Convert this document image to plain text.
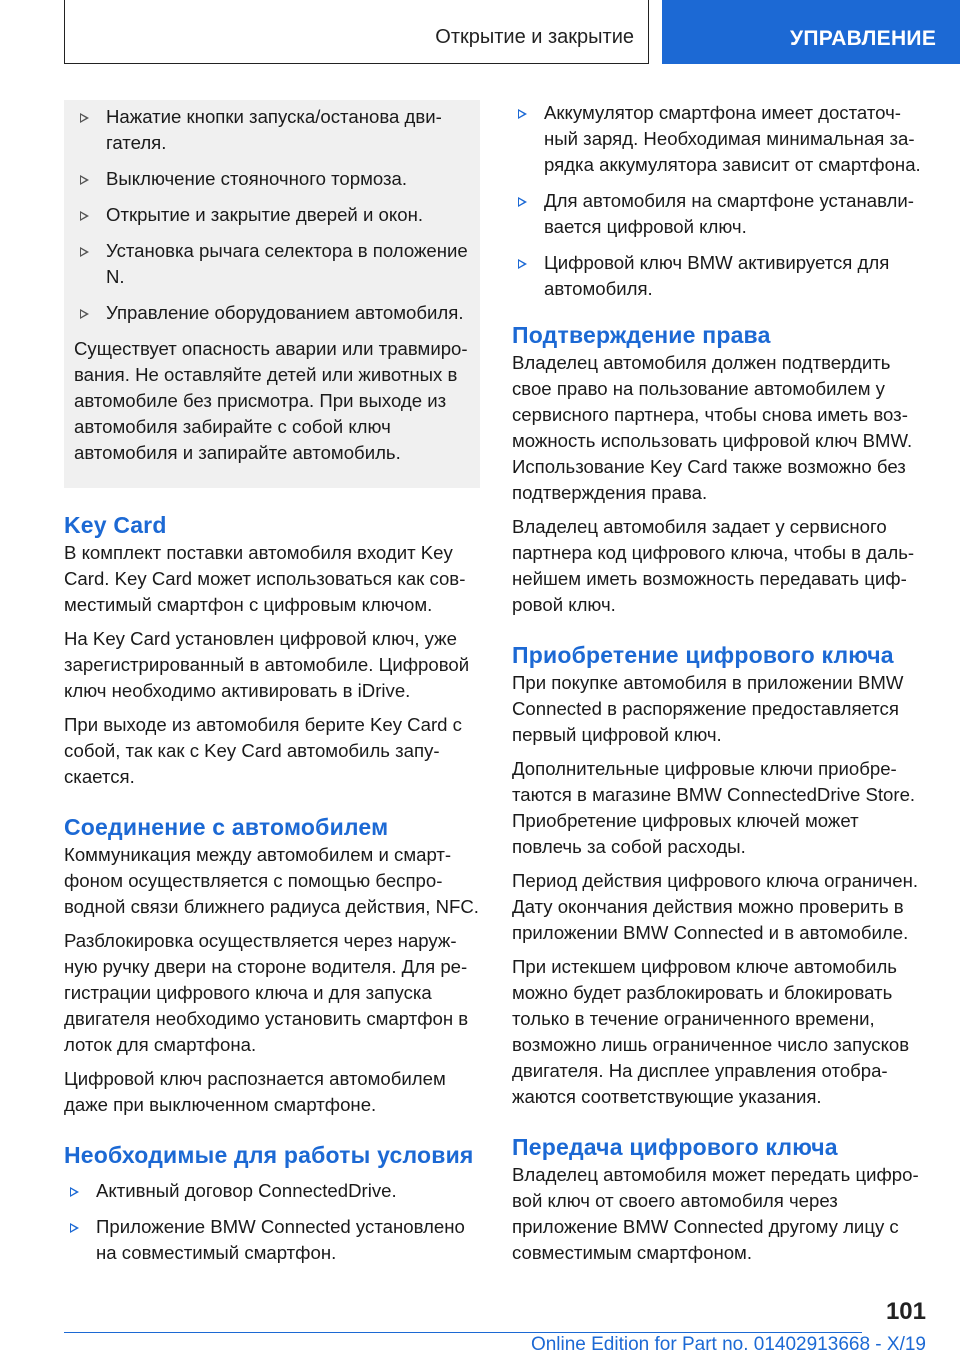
Открытие и закрытие	УПРАВЛЕНИЕ
Нажатие кнопки запуска/останова дви-гателя.
Выключение стояночного тормоза.
Открытие и закрытие дверей и окон.
Установка рычага селектора в положение N.
Управление оборудованием автомобиля.

Существует опасность аварии или травмиро-вания. Не оставляйте детей или животных в автомобиле без присмотра. При выходе из автомобиля забирайте с собой ключ автомобиля и запирайте автомобиль.

Key Card

В комплект поставки автомобиля входит Key Card. Key Card может использоваться как сов-местимый смартфон с цифровым ключом.

На Key Card установлен цифровой ключ, уже зарегистрированный в автомобиле. Цифровой ключ необходимо активировать в iDrive.

При выходе из автомобиля берите Key Card с собой, так как с Key Card автомобиль запу-скается.

Соединение с автомобилем

Коммуникация между автомобилем и смарт-фоном осуществляется с помощью беспро-водной связи ближнего радиуса действия, NFC.

Разблокировка осуществляется через наруж-ную ручку двери на стороне водителя. Для ре-гистрации цифрового ключа и для запуска двигателя необходимо установить смартфон в лоток для смартфона.

Цифровой ключ распознается автомобилем даже при выключенном смартфоне.

Необходимые для работы условия
Активный договор ConnectedDrive.
Приложение BMW Connected установлено на совместимый смартфон.
Аккумулятор смартфона имеет достаточ-ный заряд. Необходимая минимальная за-рядка аккумулятора зависит от смартфона.
Для автомобиля на смартфоне устанавли-вается цифровой ключ.
Цифровой ключ BMW активируется для автомобиля.
Подтверждение права

Владелец автомобиля должен подтвердить свое право на пользование автомобилем у сервисного партнера, чтобы снова иметь воз-можность использовать цифровой ключ BMW. Использование Key Card также возможно без подтверждения права.

Владелец автомобиля задает у сервисного партнера код цифрового ключа, чтобы в даль-нейшем иметь возможность передавать циф-ровой ключ.

Приобретение цифрового ключа

При покупке автомобиля в приложении BMW Connected в распоряжение предоставляется первый цифровой ключ.

Дополнительные цифровые ключи приобре-таются в магазине BMW ConnectedDrive Store. Приобретение цифровых ключей может повлечь за собой расходы.

Период действия цифрового ключа ограничен. Дату окончания действия можно проверить в приложении BMW Connected и в автомобиле.

При истекшем цифровом ключе автомобиль можно будет разблокировать и блокировать только в течение ограниченного времени, возможно лишь ограниченное число запусков двигателя. На дисплее управления отобра-жаются соответствующие указания.

Передача цифрового ключа

Владелец автомобиля может передать цифро-вой ключ от своего автомобиля через приложение BMW Connected другому лицу с совместимым смартфоном.

101
Online Edition for Part no. 01402913668 - X/19
